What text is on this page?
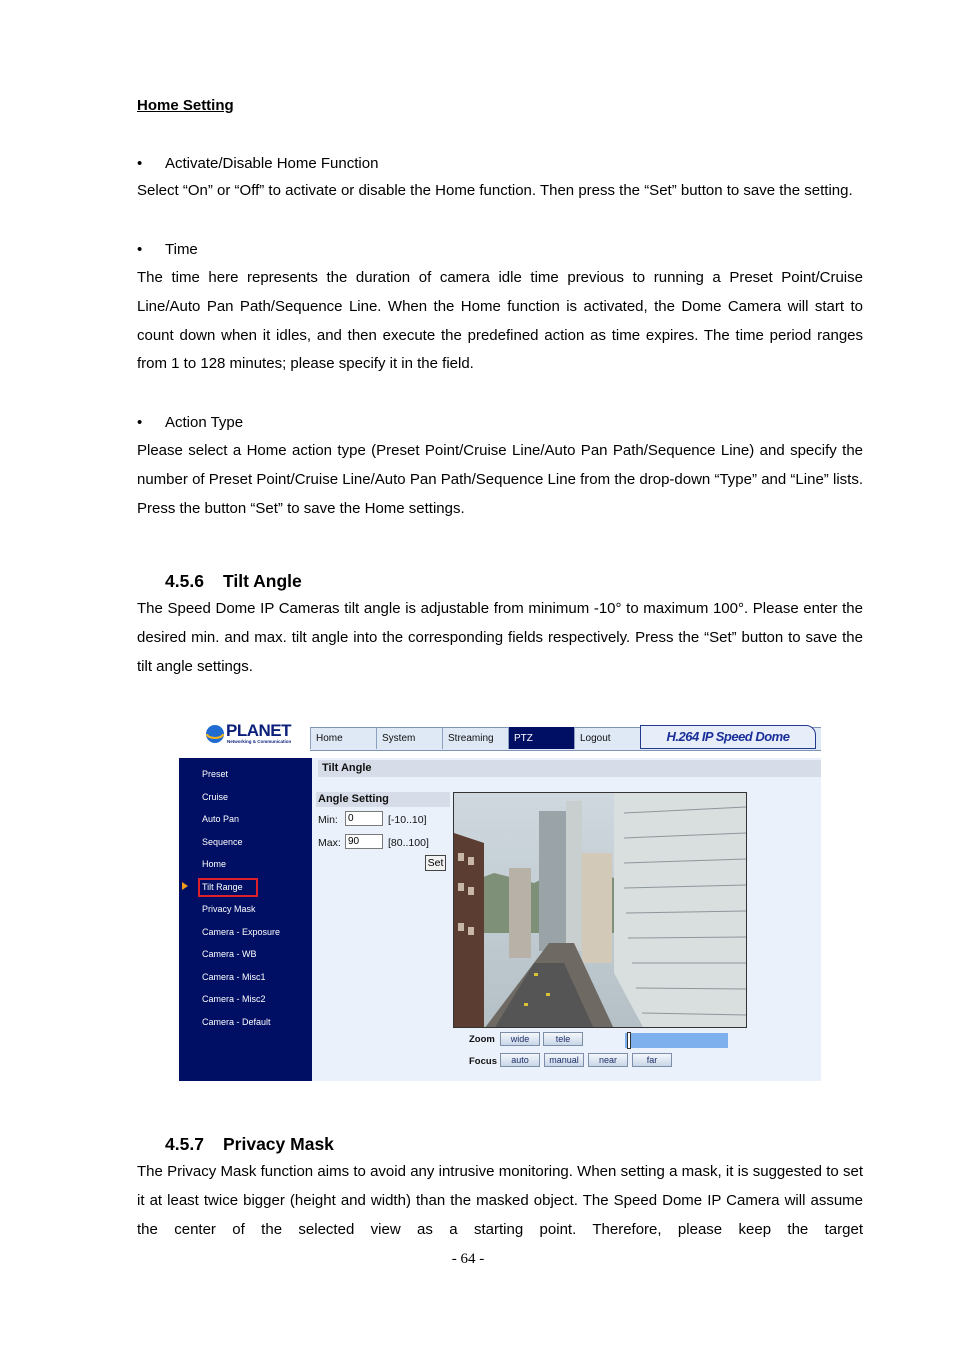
Home Setting
• Activate/Disable Home Function
Select “On” or “Off” to activate or disable the Home function. Then press the “Set” button to save the setting.
• Time
The time here represents the duration of camera idle time previous to running a Preset Point/Cruise Line/Auto Pan Path/Sequence Line. When the Home function is activated, the Dome Camera will start to count down when it idles, and then execute the predefined action as time expires. The time period ranges from 1 to 128 minutes; please specify it in the field.
• Action Type
Please select a Home action type (Preset Point/Cruise Line/Auto Pan Path/Sequence Line) and specify the number of Preset Point/Cruise Line/Auto Pan Path/Sequence Line from the drop-down “Type” and “Line” lists. Press the button “Set” to save the Home settings.
4.5.6 Tilt Angle
The Speed Dome IP Cameras tilt angle is adjustable from minimum -10° to maximum 100°. Please enter the desired min. and max. tilt angle into the corresponding fields respectively. Press the “Set” button to save the tilt angle settings.
PLANET
Networking & Communication	Home	System	Streaming	PTZ	Logout	H.264 IP Speed Dome
Preset
Cruise
Auto Pan
Sequence
Home
Tilt Range
Privacy Mask
Camera - Exposure
Camera - WB
Camera - Misc1
Camera - Misc2
Camera - Default
Tilt Angle
Angle Setting
Min:	0	[-10..10]
Max: 90	[80..100]
Set
Zoom	wide	tele
Focus	auto	manual	near	far
4.5.7 Privacy Mask
The Privacy Mask function aims to avoid any intrusive monitoring. When setting a mask, it is suggested to set it at least twice bigger (height and width) than the masked object. The Speed Dome IP Camera will assume the center of the selected view as a starting point. Therefore, please keep the target
- 64 -
